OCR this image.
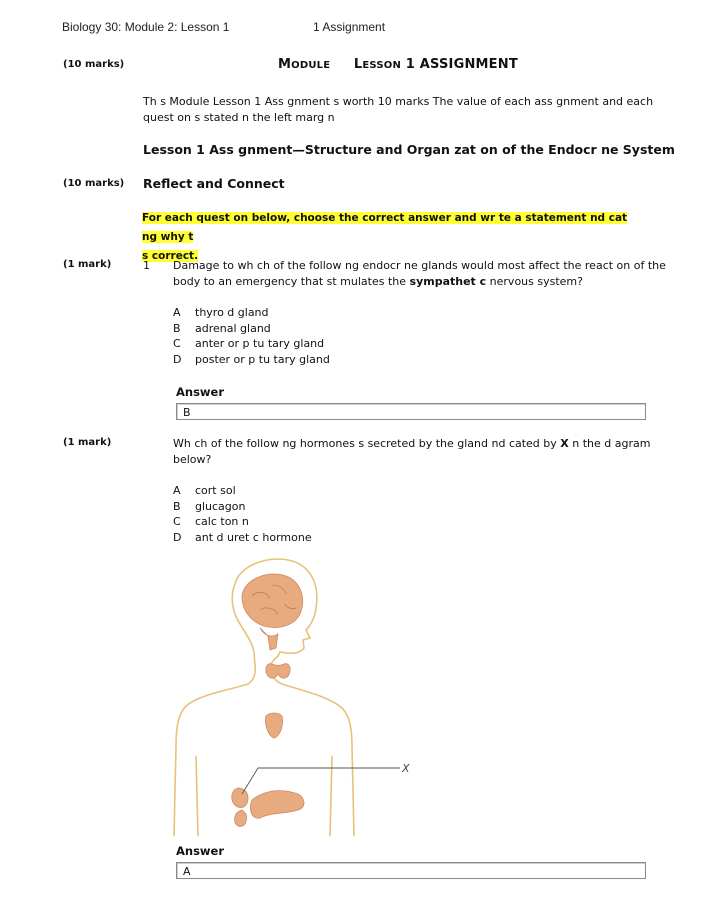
Biology 30: Module 2: Lesson 1	1 Assignment
(10 marks)	MODULE LESSON 1 ASSIGNMENT
Th s Module Lesson 1 Ass gnment s worth 10 marks The value of each ass gnment and each
quest on s stated n the left marg n
Lesson 1 Ass gnment—Structure and Organ zat on of the Endocr ne System
(10 marks) Reflect and Connect
For each quest on below, choose the correct answer and wr te a statement nd cat ng why t
s correct.
(1 mark)	1 Damage to wh ch of the follow ng endocr ne glands would most affect the react on of the
body to an emergency that st mulates the sympathet c nervous system?
A thyro d gland
B adrenal gland
C anter or p tu tary gland
D poster or p tu tary gland
Answer
B
(1 mark)	Wh ch of the follow ng hormones s secreted by the gland nd cated by X n the d agram
below?
A cort sol
B glucagon
C calc ton n
D ant d uret c hormone
X
Answer
A
